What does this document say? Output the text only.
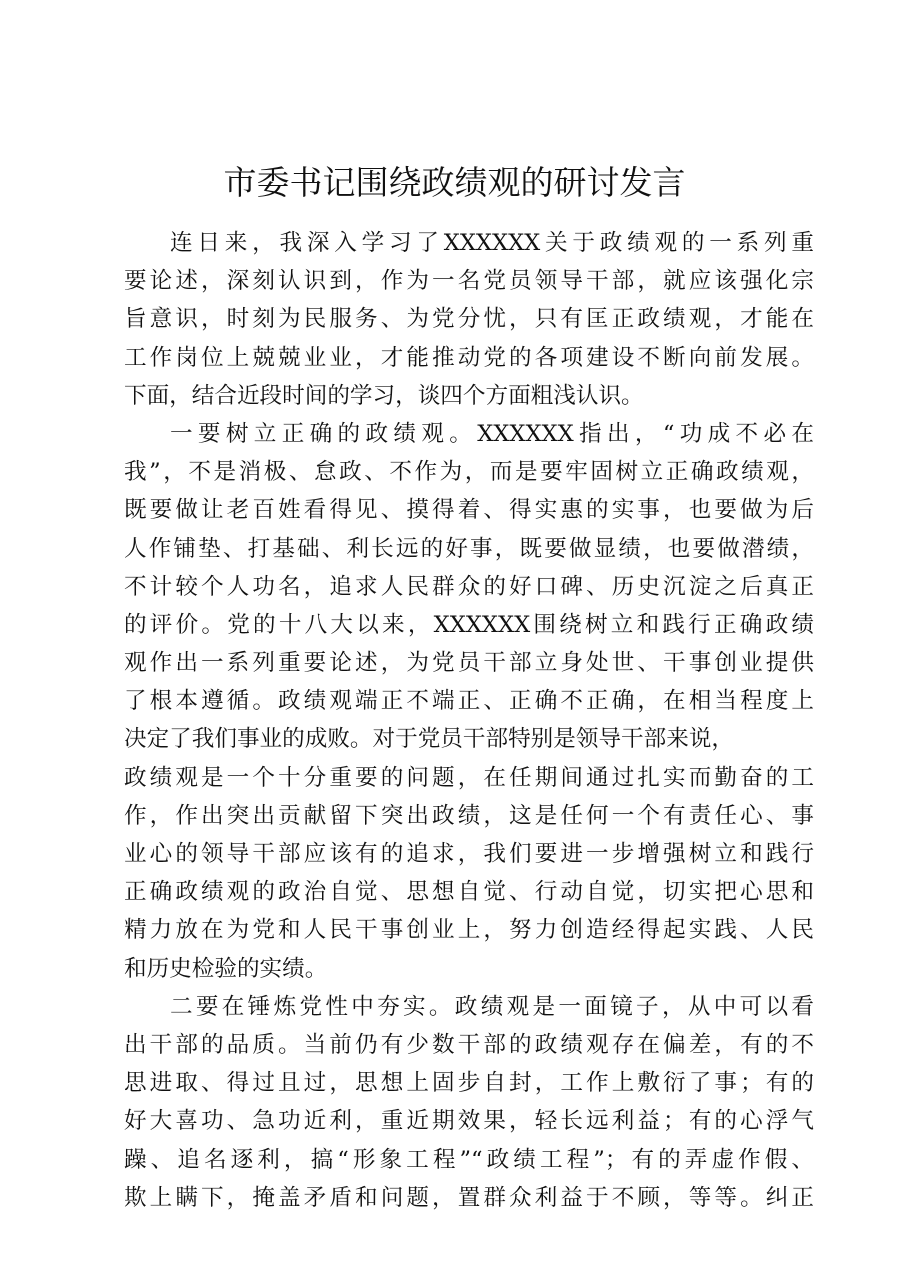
市委书记围绕政绩观的研讨发言
连日来，我深入学习了XXXXXX关于政绩观的一系列重
要论述，深刻认识到，作为一名党员领导干部，就应该强化宗
旨意识，时刻为民服务、为党分忧，只有匡正政绩观，才能在
工作岗位上兢兢业业，才能推动党的各项建设不断向前发展。
下面，结合近段时间的学习，谈四个方面粗浅认识。
一要树立正确的政绩观。XXXXXX指出，“功成不必在
我”，不是消极、怠政、不作为，而是要牢固树立正确政绩观，
既要做让老百姓看得见、摸得着、得实惠的实事，也要做为后
人作铺垫、打基础、利长远的好事，既要做显绩，也要做潜绩，
不计较个人功名，追求人民群众的好口碑、历史沉淀之后真正
的评价。党的十八大以来，XXXXXX围绕树立和践行正确政绩
观作出一系列重要论述，为党员干部立身处世、干事创业提供
了根本遵循。政绩观端正不端正、正确不正确，在相当程度上
决定了我们事业的成败。对于党员干部特别是领导干部来说，
政绩观是一个十分重要的问题，在任期间通过扎实而勤奋的工
作，作出突出贡献留下突出政绩，这是任何一个有责任心、事
业心的领导干部应该有的追求，我们要进一步增强树立和践行
正确政绩观的政治自觉、思想自觉、行动自觉，切实把心思和
精力放在为党和人民干事创业上，努力创造经得起实践、人民
和历史检验的实绩。
二要在锤炼党性中夯实。政绩观是一面镜子，从中可以看
出干部的品质。当前仍有少数干部的政绩观存在偏差，有的不
思进取、得过且过，思想上固步自封，工作上敷衍了事；有的
好大喜功、急功近利，重近期效果，轻长远利益；有的心浮气
躁、追名逐利，搞“形象工程”“政绩工程”；有的弄虚作假、
欺上瞒下，掩盖矛盾和问题，置群众利益于不顾，等等。纠正
